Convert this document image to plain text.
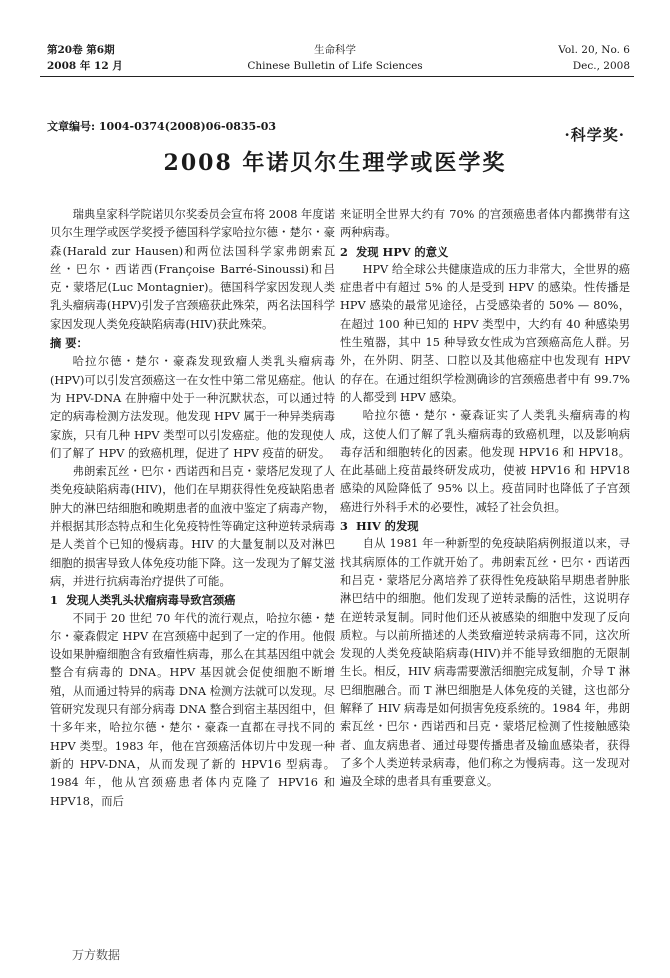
第20卷 第6期
2008 年 12 月
生命科学
Chinese Bulletin of Life Sciences
Vol. 20, No. 6
Dec., 2008
文章编号: 1004-0374(2008)06-0835-03	·科学奖·
2008 年诺贝尔生理学或医学奖

瑞典皇家科学院诺贝尔奖委员会宣布将 2008 年度诺贝尔生理学或医学奖授予德国科学家哈拉尔德・楚尔・豪森(Harald zur Hausen)和两位法国科学家弗朗索瓦丝・巴尔・西诺西(Françoise Barré-Sinoussi)和吕克・蒙塔尼(Luc Montagnier)。德国科学家因发现人类乳头瘤病毒(HPV)引发子宫颈癌获此殊荣，两名法国科学家因发现人类免疫缺陷病毒(HIV)获此殊荣。

摘 要：

哈拉尔德・楚尔・豪森发现致瘤人类乳头瘤病毒(HPV)可以引发宫颈癌这一在女性中第二常见癌症。他认为 HPV-DNA 在肿瘤中处于一种沉默状态，可以通过特定的病毒检测方法发现。他发现 HPV 属于一种异类病毒家族，只有几种 HPV 类型可以引发癌症。他的发现使人们了解了 HPV 的致癌机理，促进了 HPV 疫苗的研发。

弗朗索瓦丝・巴尔・西诺西和吕克・蒙塔尼发现了人类免疫缺陷病毒(HIV)，他们在早期获得性免疫缺陷患者肿大的淋巴结细胞和晚期患者的血液中鉴定了病毒产物，并根据其形态特点和生化免疫特性等确定这种逆转录病毒是人类首个已知的慢病毒。HIV 的大量复制以及对淋巴细胞的损害导致人体免疫功能下降。这一发现为了解艾滋病，并进行抗病毒治疗提供了可能。

1 发现人类乳头状瘤病毒导致宫颈癌

不同于 20 世纪 70 年代的流行观点，哈拉尔德・楚尔・豪森假定 HPV 在宫颈癌中起到了一定的作用。他假设如果肿瘤细胞含有致瘤性病毒，那么在其基因组中就会整合有病毒的 DNA。HPV 基因就会促使细胞不断增殖，从而通过特异的病毒 DNA 检测方法就可以发现。尽管研究发现只有部分病毒 DNA 整合到宿主基因组中，但十多年来，哈拉尔德・楚尔・豪森一直都在寻找不同的 HPV 类型。1983 年，他在宫颈癌活体切片中发现一种新的 HPV-DNA，从而发现了新的 HPV16 型病毒。1984 年，他从宫颈癌患者体内克隆了 HPV16 和 HPV18，而后

来证明全世界大约有 70% 的宫颈癌患者体内都携带有这两种病毒。

2 发现 HPV 的意义

HPV 给全球公共健康造成的压力非常大，全世界的癌症患者中有超过 5% 的人是受到 HPV 的感染。性传播是 HPV 感染的最常见途径，占受感染者的 50% — 80%，在超过 100 种已知的 HPV 类型中，大约有 40 种感染男性生殖器，其中 15 种导致女性成为宫颈癌高危人群。另外，在外阴、阴茎、口腔以及其他癌症中也发现有 HPV 的存在。在通过组织学检测确诊的宫颈癌患者中有 99.7% 的人都受到 HPV 感染。

哈拉尔德・楚尔・豪森证实了人类乳头瘤病毒的构成，这使人们了解了乳头瘤病毒的致癌机理，以及影响病毒存活和细胞转化的因素。他发现 HPV16 和 HPV18。在此基础上疫苗最终研发成功，使被 HPV16 和 HPV18 感染的风险降低了 95% 以上。疫苗同时也降低了子宫颈癌进行外科手术的必要性，减轻了社会负担。

3 HIV 的发现

自从 1981 年一种新型的免疫缺陷病例报道以来，寻找其病原体的工作就开始了。弗朗索瓦丝・巴尔・西诺西和吕克・蒙塔尼分离培养了获得性免疫缺陷早期患者肿胀淋巴结中的细胞。他们发现了逆转录酶的活性，这说明存在逆转录复制。同时他们还从被感染的细胞中发现了反向质粒。与以前所描述的人类致瘤逆转录病毒不同，这次所发现的人类免疫缺陷病毒(HIV)并不能导致细胞的无限制生长。相反，HIV 病毒需要激活细胞完成复制，介导 T 淋巴细胞融合。而 T 淋巴细胞是人体免疫的关键，这也部分解释了 HIV 病毒是如何损害免疫系统的。1984 年，弗朗索瓦丝・巴尔・西诺西和吕克・蒙塔尼检测了性接触感染者、血友病患者、通过母婴传播患者及输血感染者，获得了多个人类逆转录病毒，他们称之为慢病毒。这一发现对遍及全球的患者具有重要意义。

万方数据
